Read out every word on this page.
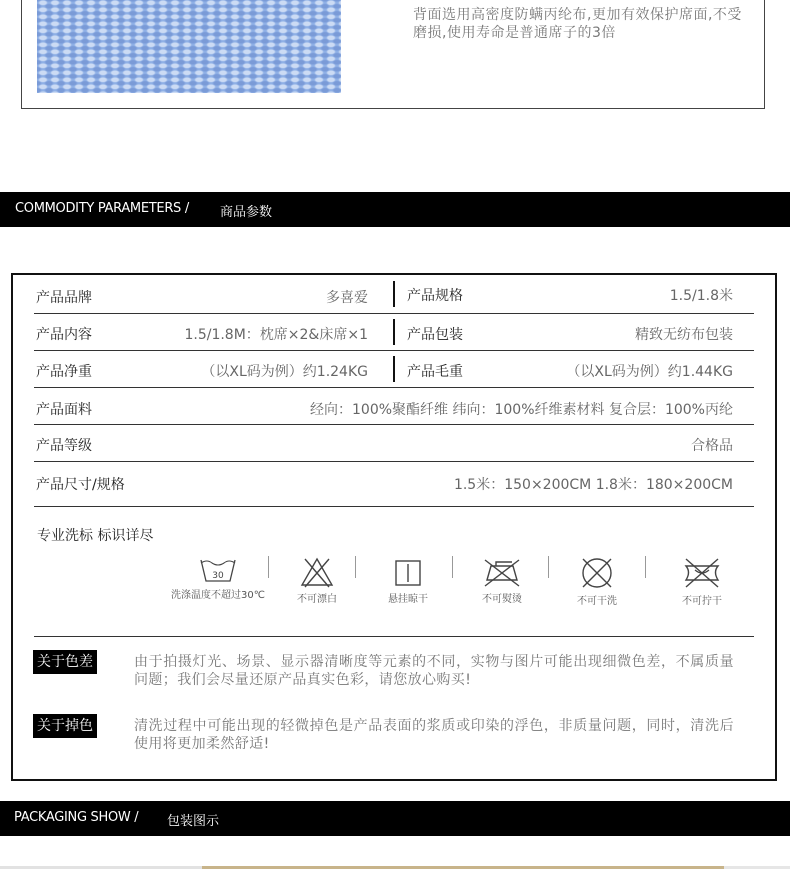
背面选用高密度防螨丙纶布,更加有效保护席面,不受磨损,使用寿命是普通席子的3倍
COMMODITY PARAMETERS / 商品参数
产品品牌	多喜爱	产品规格	1.5/1.8米
产品内容	1.5/1.8M：枕席×2&床席×1	产品包装	精致无纺布包装
产品净重	（以XL码为例）约1.24KG	产品毛重	（以XL码为例）约1.44KG
产品面料	经向：100%聚酯纤维 纬向：100%纤维素材料 复合层：100%丙纶
产品等级	合格品
产品尺寸/规格	1.5米：150×200CM 1.8米：180×200CM
专业洗标 标识详尽
30
洗涤温度不超过30℃	不可漂白	悬挂晾干	不可熨烫	不可干洗	不可拧干
关于色差	由于拍摄灯光、场景、显示器清晰度等元素的不同，实物与图片可能出现细微色差，不属质量问题；我们会尽量还原产品真实色彩，请您放心购买!
关于掉色	清洗过程中可能出现的轻微掉色是产品表面的浆质或印染的浮色，非质量问题，同时，清洗后使用将更加柔然舒适!
PACKAGING SHOW / 包装图示
